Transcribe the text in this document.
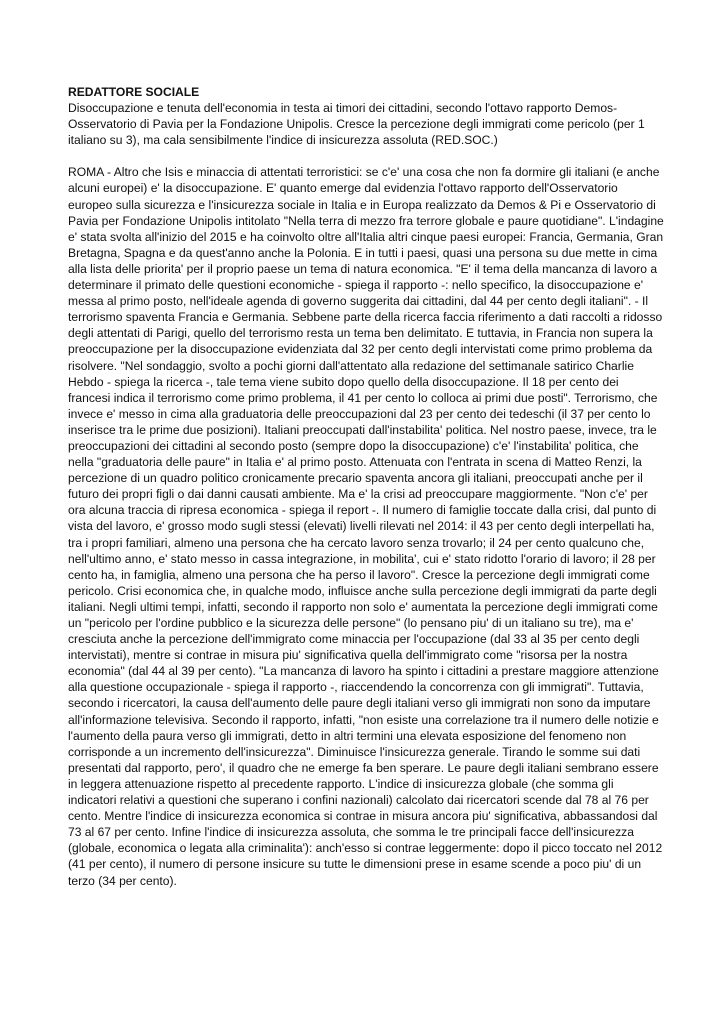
REDATTORE SOCIALE

Disoccupazione e tenuta dell'economia in testa ai timori dei cittadini, secondo l'ottavo rapporto Demos-Osservatorio di Pavia per la Fondazione Unipolis. Cresce la percezione degli immigrati come pericolo (per 1 italiano su 3), ma cala sensibilmente l'indice di insicurezza assoluta (RED.SOC.)

ROMA - Altro che Isis e minaccia di attentati terroristici: se c'e' una cosa che non fa dormire gli italiani (e anche alcuni europei) e' la disoccupazione. E' quanto emerge dal evidenzia l'ottavo rapporto dell'Osservatorio europeo sulla sicurezza e l'insicurezza sociale in Italia e in Europa realizzato da Demos & Pi e Osservatorio di Pavia per Fondazione Unipolis intitolato "Nella terra di mezzo fra terrore globale e paure quotidiane". L'indagine e' stata svolta all'inizio del 2015 e ha coinvolto oltre all'Italia altri cinque paesi europei: Francia, Germania, Gran Bretagna, Spagna e da quest'anno anche la Polonia. E in tutti i paesi, quasi una persona su due mette in cima alla lista delle priorita' per il proprio paese un tema di natura economica. "E' il tema della mancanza di lavoro a determinare il primato delle questioni economiche - spiega il rapporto -: nello specifico, la disoccupazione e' messa al primo posto, nell'ideale agenda di governo suggerita dai cittadini, dal 44 per cento degli italiani". - Il terrorismo spaventa Francia e Germania. Sebbene parte della ricerca faccia riferimento a dati raccolti a ridosso degli attentati di Parigi, quello del terrorismo resta un tema ben delimitato. E tuttavia, in Francia non supera la preoccupazione per la disoccupazione evidenziata dal 32 per cento degli intervistati come primo problema da risolvere. "Nel sondaggio, svolto a pochi giorni dall'attentato alla redazione del settimanale satirico Charlie Hebdo - spiega la ricerca -, tale tema viene subito dopo quello della disoccupazione. Il 18 per cento dei francesi indica il terrorismo come primo problema, il 41 per cento lo colloca ai primi due posti". Terrorismo, che invece e' messo in cima alla graduatoria delle preoccupazioni dal 23 per cento dei tedeschi (il 37 per cento lo inserisce tra le prime due posizioni). Italiani preoccupati dall'instabilita' politica. Nel nostro paese, invece, tra le preoccupazioni dei cittadini al secondo posto (sempre dopo la disoccupazione) c'e' l'instabilita' politica, che nella "graduatoria delle paure" in Italia e' al primo posto. Attenuata con l'entrata in scena di Matteo Renzi, la percezione di un quadro politico cronicamente precario spaventa ancora gli italiani, preoccupati anche per il futuro dei propri figli o dai danni causati ambiente. Ma e' la crisi ad preoccupare maggiormente. "Non c'e' per ora alcuna traccia di ripresa economica - spiega il report -. Il numero di famiglie toccate dalla crisi, dal punto di vista del lavoro, e' grosso modo sugli stessi (elevati) livelli rilevati nel 2014: il 43 per cento degli interpellati ha, tra i propri familiari, almeno una persona che ha cercato lavoro senza trovarlo; il 24 per cento qualcuno che, nell'ultimo anno, e' stato messo in cassa integrazione, in mobilita', cui e' stato ridotto l'orario di lavoro; il 28 per cento ha, in famiglia, almeno una persona che ha perso il lavoro". Cresce la percezione degli immigrati come pericolo. Crisi economica che, in qualche modo, influisce anche sulla percezione degli immigrati da parte degli italiani. Negli ultimi tempi, infatti, secondo il rapporto non solo e' aumentata la percezione degli immigrati come un "pericolo per l'ordine pubblico e la sicurezza delle persone" (lo pensano piu' di un italiano su tre), ma e' cresciuta anche la percezione dell'immigrato come minaccia per l'occupazione (dal 33 al 35 per cento degli intervistati), mentre si contrae in misura piu' significativa quella dell'immigrato come "risorsa per la nostra economia" (dal 44 al 39 per cento). "La mancanza di lavoro ha spinto i cittadini a prestare maggiore attenzione alla questione occupazionale - spiega il rapporto -, riaccendendo la concorrenza con gli immigrati". Tuttavia, secondo i ricercatori, la causa dell'aumento delle paure degli italiani verso gli immigrati non sono da imputare all'informazione televisiva. Secondo il rapporto, infatti, "non esiste una correlazione tra il numero delle notizie e l'aumento della paura verso gli immigrati, detto in altri termini una elevata esposizione del fenomeno non corrisponde a un incremento dell'insicurezza". Diminuisce l'insicurezza generale. Tirando le somme sui dati presentati dal rapporto, pero', il quadro che ne emerge fa ben sperare. Le paure degli italiani sembrano essere in leggera attenuazione rispetto al precedente rapporto. L'indice di insicurezza globale (che somma gli indicatori relativi a questioni che superano i confini nazionali) calcolato dai ricercatori scende dal 78 al 76 per cento. Mentre l'indice di insicurezza economica si contrae in misura ancora piu' significativa, abbassandosi dal 73 al 67 per cento. Infine l'indice di insicurezza assoluta, che somma le tre principali facce dell'insicurezza (globale, economica o legata alla criminalita'): anch'esso si contrae leggermente: dopo il picco toccato nel 2012 (41 per cento), il numero di persone insicure su tutte le dimensioni prese in esame scende a poco piu' di un terzo (34 per cento).
